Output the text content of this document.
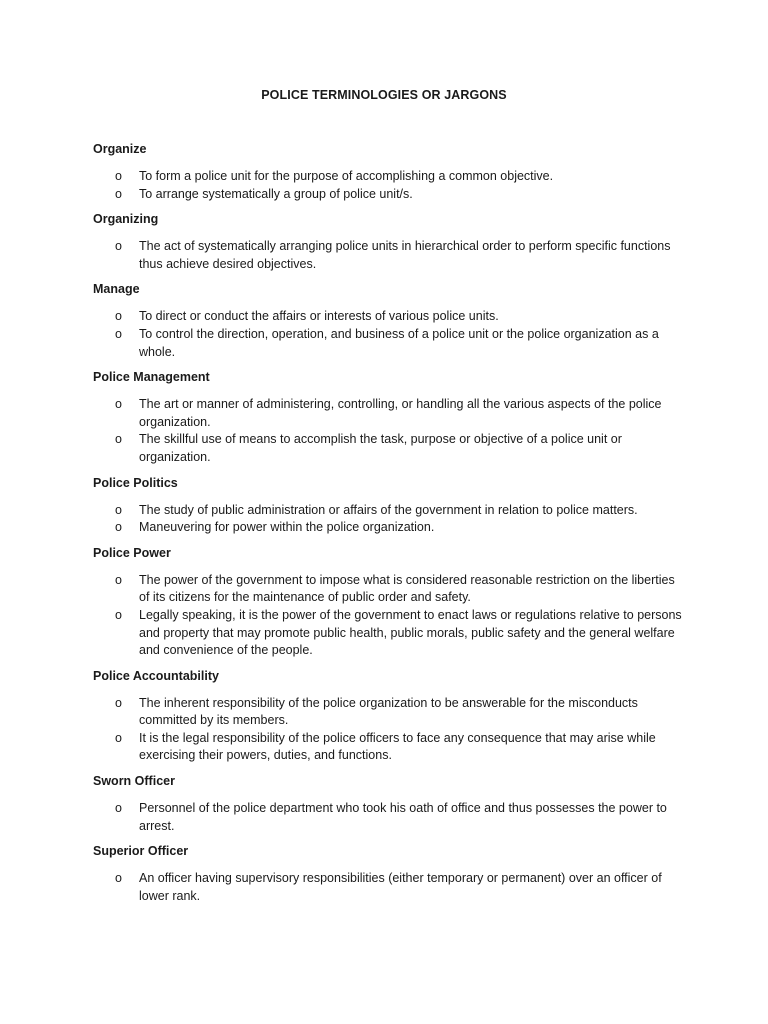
POLICE TERMINOLOGIES OR JARGONS

Organize

o To form a police unit for the purpose of accomplishing a common objective.
o To arrange systematically a group of police unit/s.

Organizing

o The act of systematically arranging police units in hierarchical order to perform specific functions thus achieve desired objectives.

Manage

o To direct or conduct the affairs or interests of various police units.
o To control the direction, operation, and business of a police unit or the police organization as a whole.

Police Management

o The art or manner of administering, controlling, or handling all the various aspects of the police organization.
o The skillful use of means to accomplish the task, purpose or objective of a police unit or organization.

Police Politics

o The study of public administration or affairs of the government in relation to police matters.
o Maneuvering for power within the police organization.

Police Power

o The power of the government to impose what is considered reasonable restriction on the liberties of its citizens for the maintenance of public order and safety.
o Legally speaking, it is the power of the government to enact laws or regulations relative to persons and property that may promote public health, public morals, public safety and the general welfare and convenience of the people.

Police Accountability

o The inherent responsibility of the police organization to be answerable for the misconducts committed by its members.
o It is the legal responsibility of the police officers to face any consequence that may arise while exercising their powers, duties, and functions.

Sworn Officer

o Personnel of the police department who took his oath of office and thus possesses the power to arrest.

Superior Officer

o An officer having supervisory responsibilities (either temporary or permanent) over an officer of lower rank.
